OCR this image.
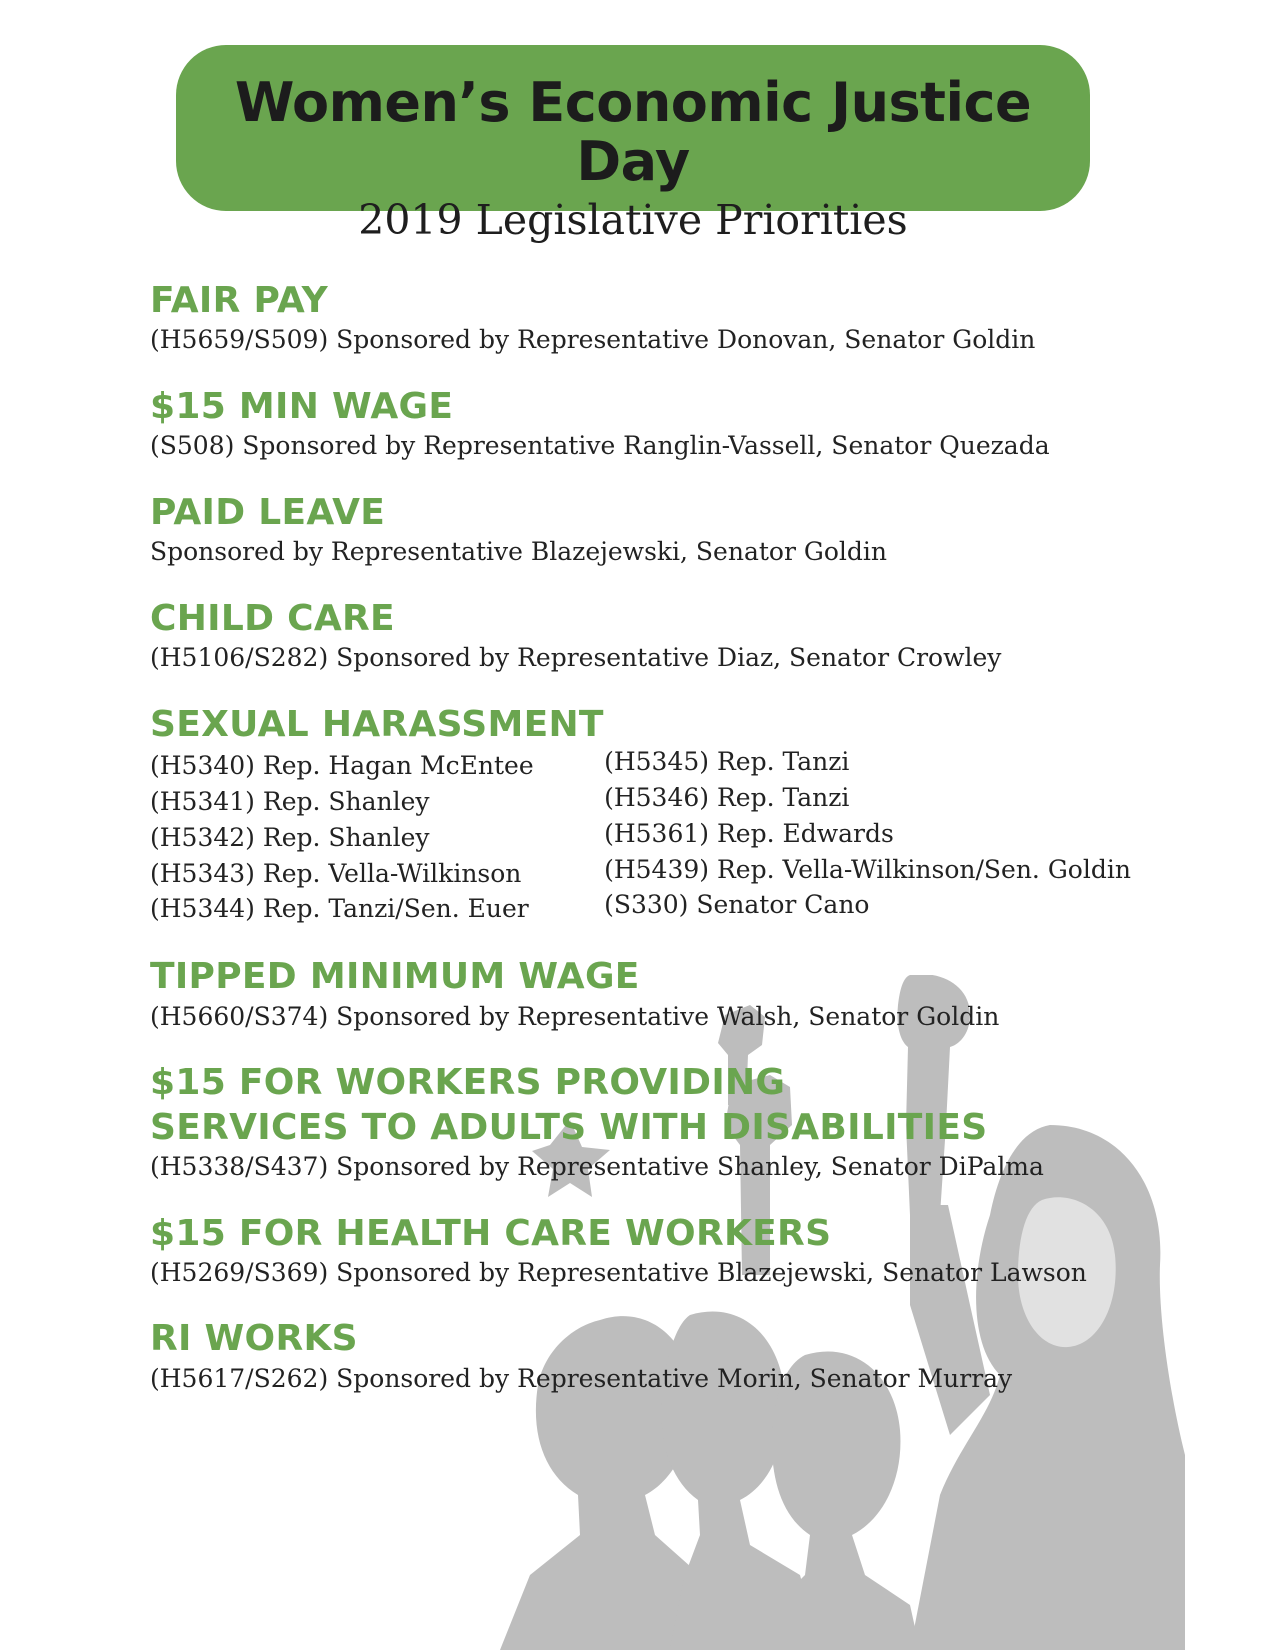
Women’s Economic Justice Day
2019 Legislative Priorities
FAIR PAY
(H5659/S509) Sponsored by Representative Donovan, Senator Goldin
$15 MIN WAGE
(S508) Sponsored by Representative Ranglin-Vassell, Senator Quezada
PAID LEAVE
Sponsored by Representative Blazejewski, Senator Goldin
CHILD CARE
(H5106/S282) Sponsored by Representative Diaz, Senator Crowley
SEXUAL HARASSMENT
(H5340) Rep. Hagan McEntee
(H5341) Rep. Shanley
(H5342) Rep. Shanley
(H5343) Rep. Vella-Wilkinson
(H5344) Rep. Tanzi/Sen. Euer
(H5345) Rep. Tanzi
(H5346) Rep. Tanzi
(H5361) Rep. Edwards
(H5439) Rep. Vella-Wilkinson/Sen. Goldin
(S330) Senator Cano
TIPPED MINIMUM WAGE
(H5660/S374) Sponsored by Representative Walsh, Senator Goldin
$15 FOR WORKERS PROVIDING
SERVICES TO ADULTS WITH DISABILITIES
(H5338/S437) Sponsored by Representative Shanley, Senator DiPalma
$15 FOR HEALTH CARE WORKERS
(H5269/S369) Sponsored by Representative Blazejewski, Senator Lawson
RI WORKS
(H5617/S262) Sponsored by Representative Morin, Senator Murray
